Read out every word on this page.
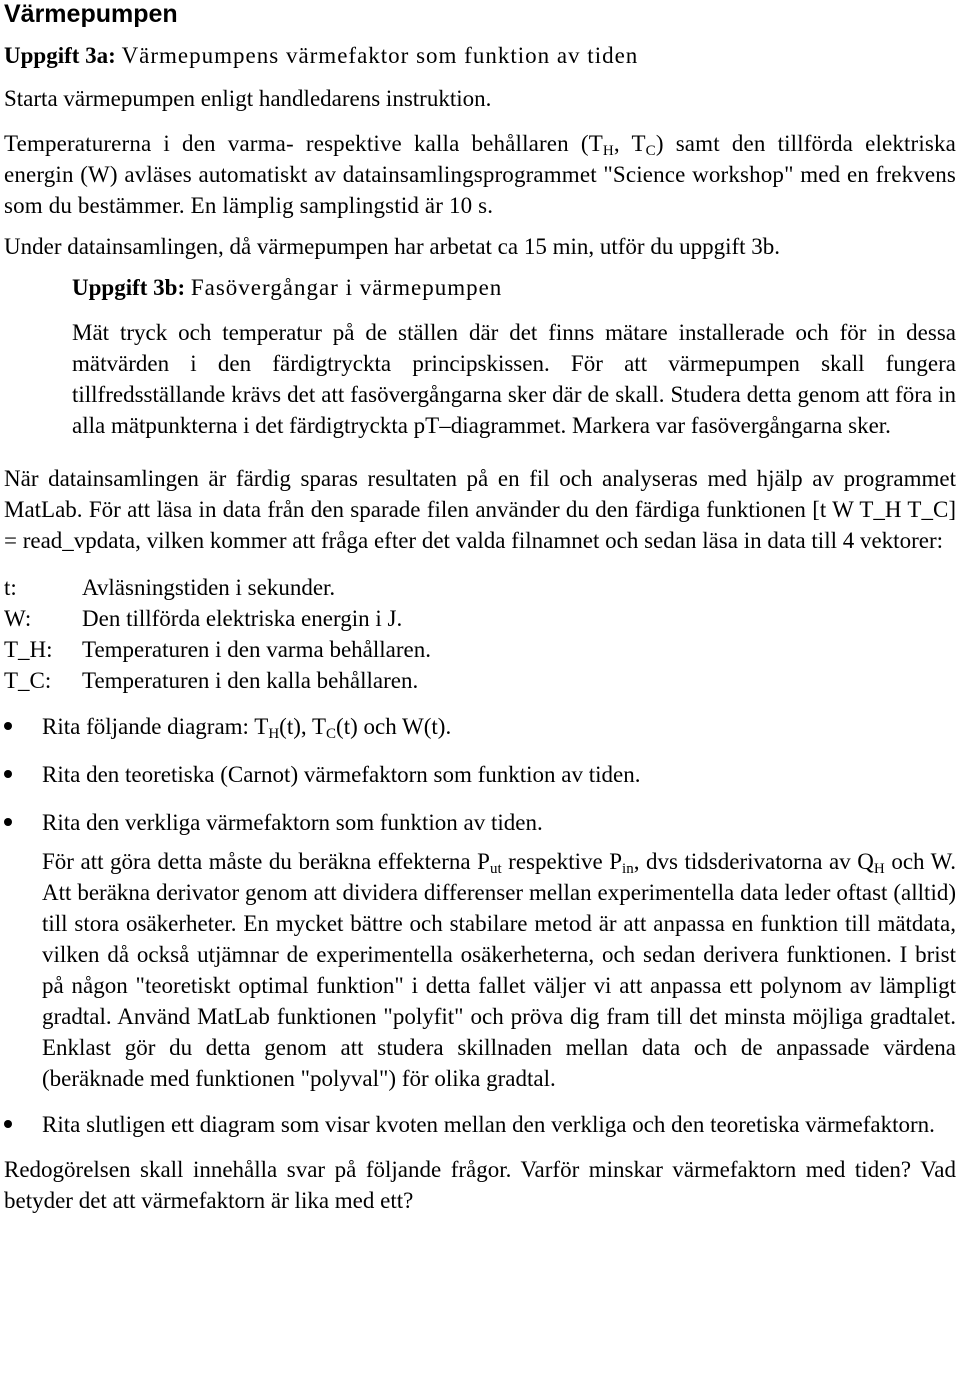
Värmepumpen

Uppgift 3a: Värmepumpens värmefaktor som funktion av tiden

Starta värmepumpen enligt handledarens instruktion.

Temperaturerna i den varma- respektive kalla behållaren ($T_H$, $T_C$) samt den tillförda elektriska energin (W) avläses automatiskt av datainsamlingsprogrammet "Science workshop" med en frekvens som du bestämmer. En lämplig samplingstid är 10 s.

Under datainsamlingen, då värmepumpen har arbetat ca 15 min, utför du uppgift 3b.

Uppgift 3b: Fasövergångar i värmepumpen

Mät tryck och temperatur på de ställen där det finns mätare installerade och för in dessa mätvärden i den färdigtryckta principskissen. För att värmepumpen skall fungera tillfredsställande krävs det att fasövergångarna sker där de skall. Studera detta genom att föra in alla mätpunkterna i det färdigtryckta pT–diagrammet. Markera var fasövergångarna sker.

När datainsamlingen är färdig sparas resultaten på en fil och analyseras med hjälp av programmet MatLab. För att läsa in data från den sparade filen använder du den färdiga funktionen [t W T_H T_C] = read_vpdata, vilken kommer att fråga efter det valda filnamnet och sedan läsa in data till 4 vektorer:

t:	Avläsningstiden i sekunder.
W:	Den tillförda elektriska energin i J.
T_H:	Temperaturen i den varma behållaren.
T_C:	Temperaturen i den kalla behållaren.
Rita följande diagram: $T_H(t)$, $T_C(t)$ och W(t).
Rita den teoretiska (Carnot) värmefaktorn som funktion av tiden.
Rita den verkliga värmefaktorn som funktion av tiden.

För att göra detta måste du beräkna effekterna $P_{ut}$ respektive $P_{in}$, dvs tidsderivatorna av $Q_H$ och W. Att beräkna derivator genom att dividera differenser mellan experimentella data leder oftast (alltid) till stora osäkerheter. En mycket bättre och stabilare metod är att anpassa en funktion till mätdata, vilken då också utjämnar de experimentella osäkerheterna, och sedan derivera funktionen. I brist på någon "teoretiskt optimal funktion" i detta fallet väljer vi att anpassa ett polynom av lämpligt gradtal. Använd MatLab funktionen "polyfit" och pröva dig fram till det minsta möjliga gradtalet. Enklast gör du detta genom att studera skillnaden mellan data och de anpassade värdena (beräknade med funktionen "polyval") för olika gradtal.

Rita slutligen ett diagram som visar kvoten mellan den verkliga och den teoretiska värmefaktorn.

Redogörelsen skall innehålla svar på följande frågor. Varför minskar värmefaktorn med tiden? Vad betyder det att värmefaktorn är lika med ett?
